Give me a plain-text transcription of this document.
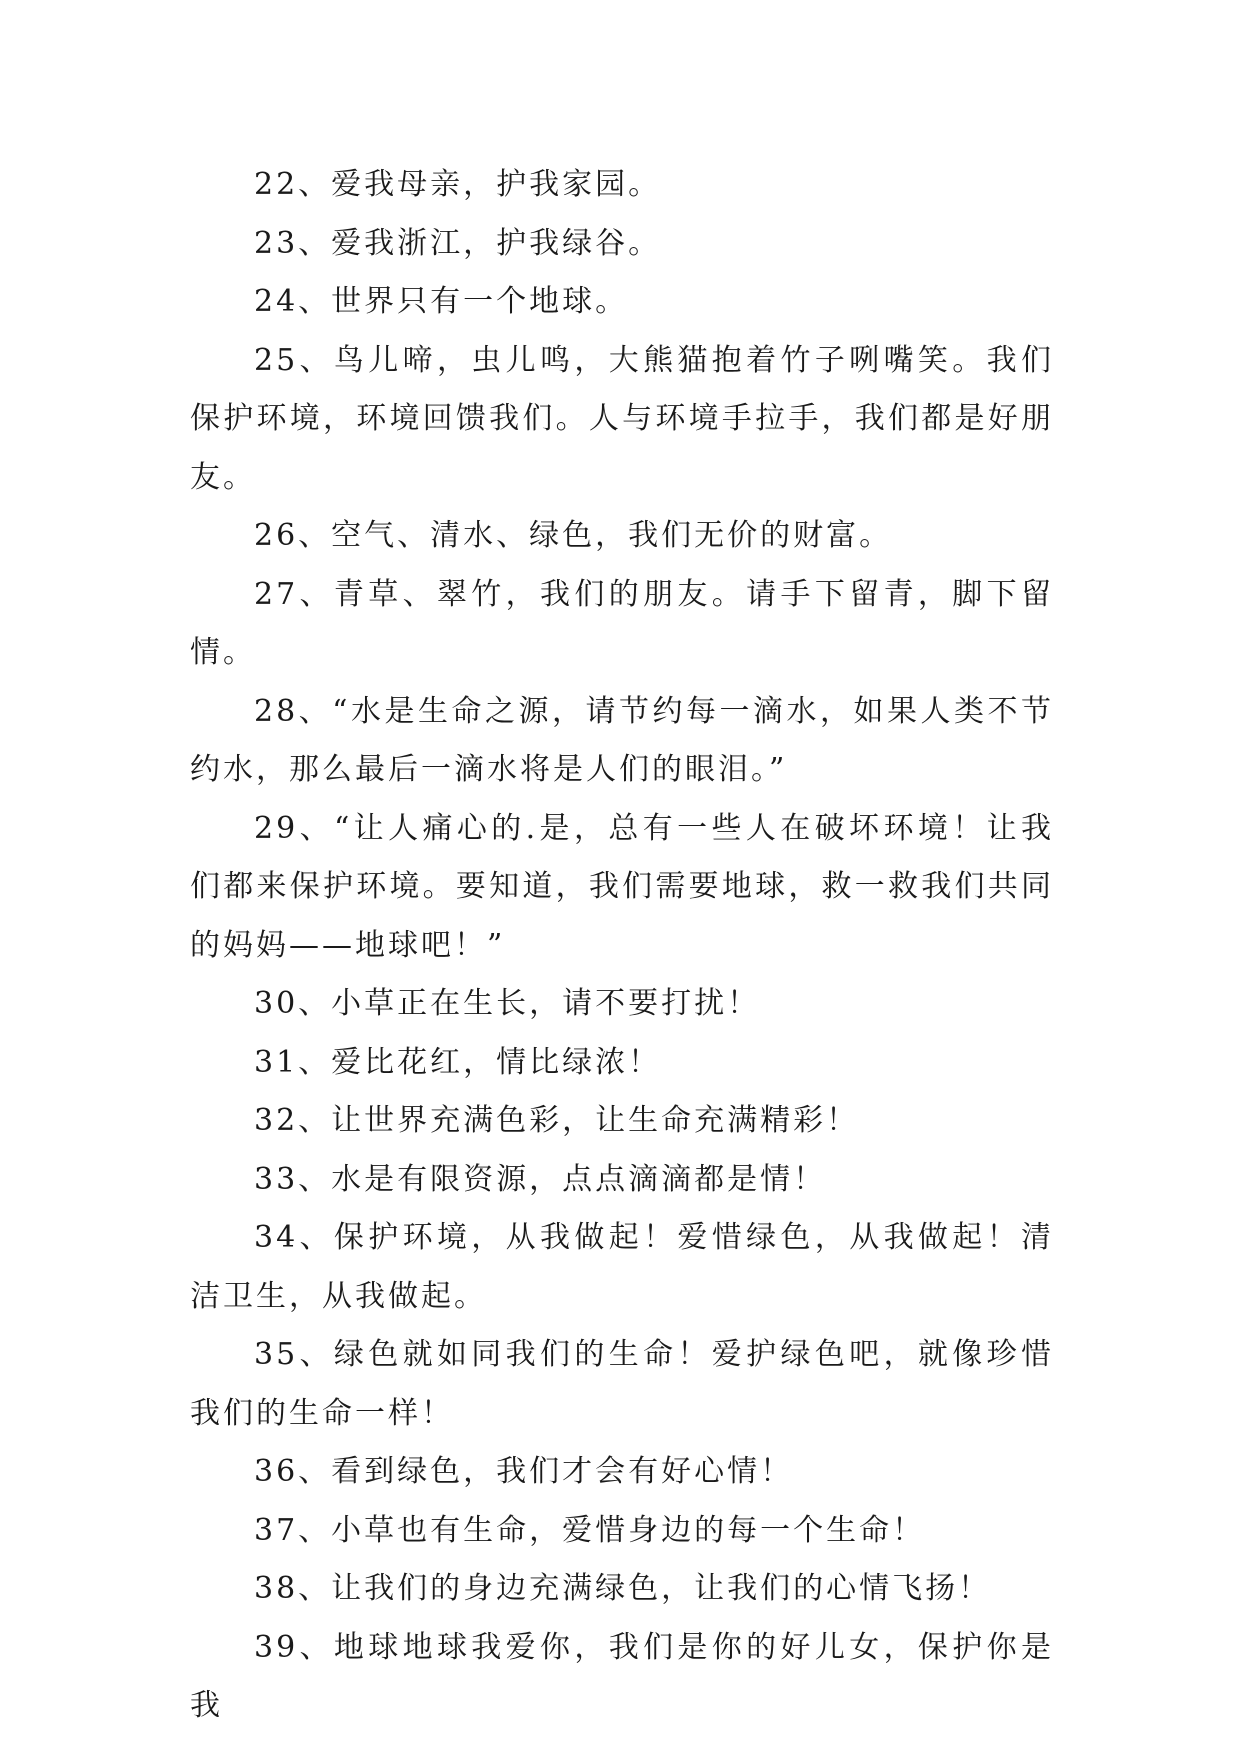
22、爱我母亲，护我家园。

23、爱我浙江，护我绿谷。

24、世界只有一个地球。

25、鸟儿啼，虫儿鸣，大熊猫抱着竹子咧嘴笑。我们保护环境，环境回馈我们。人与环境手拉手，我们都是好朋友。

26、空气、清水、绿色，我们无价的财富。

27、青草、翠竹，我们的朋友。请手下留青，脚下留情。

28、“水是生命之源，请节约每一滴水，如果人类不节约水，那么最后一滴水将是人们的眼泪。”

29、“让人痛心的.是，总有一些人在破坏环境！让我们都来保护环境。要知道，我们需要地球，救一救我们共同的妈妈——地球吧！”

30、小草正在生长，请不要打扰！

31、爱比花红，情比绿浓！

32、让世界充满色彩，让生命充满精彩！

33、水是有限资源，点点滴滴都是情！

34、保护环境，从我做起！爱惜绿色，从我做起！清洁卫生，从我做起。

35、绿色就如同我们的生命！爱护绿色吧，就像珍惜我们的生命一样！

36、看到绿色，我们才会有好心情！

37、小草也有生命，爱惜身边的每一个生命！

38、让我们的身边充满绿色，让我们的心情飞扬！

39、地球地球我爱你，我们是你的好儿女，保护你是我
